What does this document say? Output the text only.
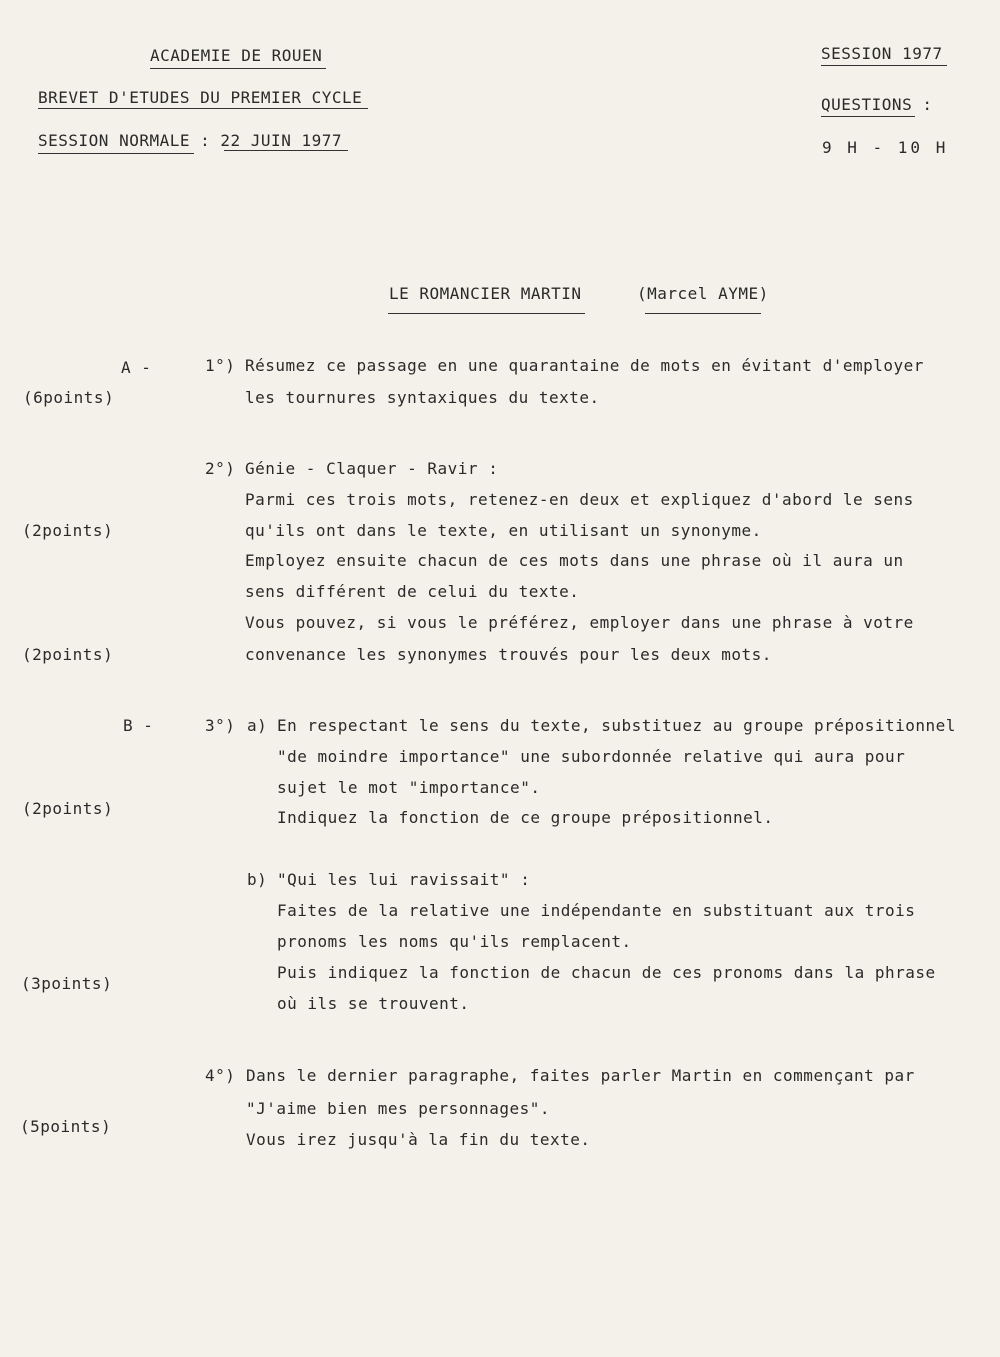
ACADEMIE DE ROUEN
BREVET D'ETUDES DU PREMIER CYCLE
SESSION NORMALE : 22 JUIN 1977
SESSION 1977
QUESTIONS :
9 H - 10 H
LE ROMANCIER MARTIN	(Marcel AYME)
A -
(6points)
1°) Résumez ce passage en une quarantaine de mots en évitant d'employer
les tournures syntaxiques du texte.
2°) Génie - Claquer - Ravir :
Parmi ces trois mots, retenez-en deux et expliquez d'abord le sens
qu'ils ont dans le texte, en utilisant un synonyme.
Employez ensuite chacun de ces mots dans une phrase où il aura un
sens différent de celui du texte.
Vous pouvez, si vous le préférez, employer dans une phrase à votre
convenance les synonymes trouvés pour les deux mots.
(2points)
(2points)
B -	3°) a) En respectant le sens du texte, substituez au groupe prépositionnel
"de moindre importance" une subordonnée relative qui aura pour
sujet le mot "importance".
Indiquez la fonction de ce groupe prépositionnel.
(2points)
b) "Qui les lui ravissait" :
Faites de la relative une indépendante en substituant aux trois
pronoms les noms qu'ils remplacent.
Puis indiquez la fonction de chacun de ces pronoms dans la phrase
où ils se trouvent.
(3points)
4°) Dans le dernier paragraphe, faites parler Martin en commençant par
"J'aime bien mes personnages".
Vous irez jusqu'à la fin du texte.
(5points)
